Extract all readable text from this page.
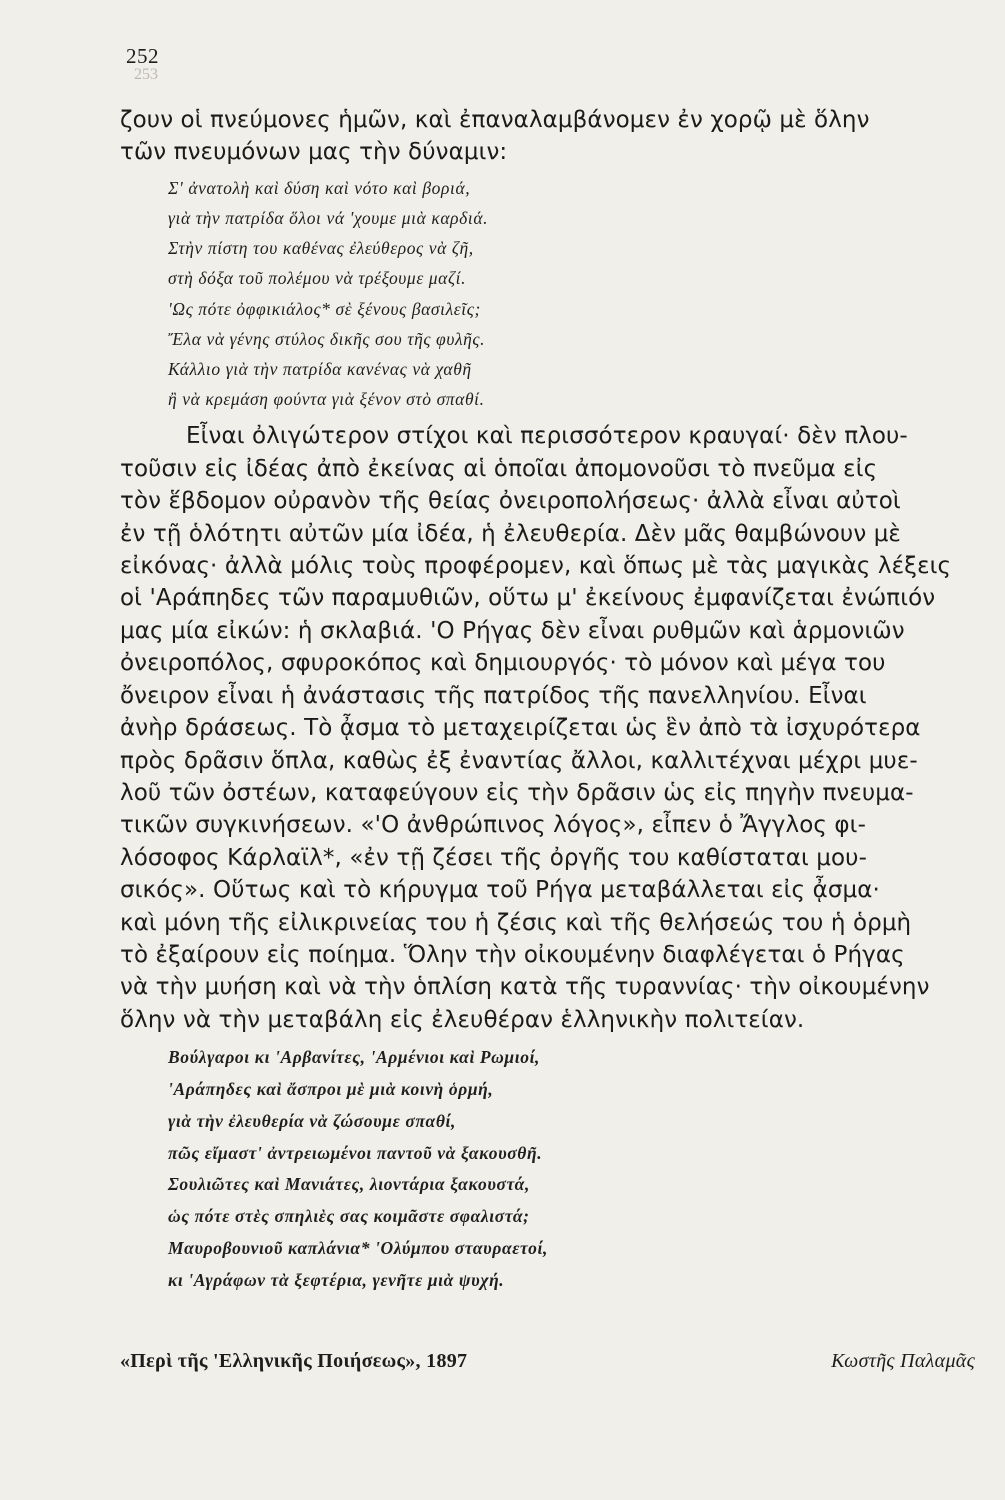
252
253
ζουν οἱ πνεύμονες ἡμῶν, καὶ ἐπαναλαμβάνομεν ἐν χορῷ μὲ ὅλην
τῶν πνευμόνων μας τὴν δύναμιν:
Σ' ἀνατολὴ καὶ δύση καὶ νότο καὶ βοριά,
γιὰ τὴν πατρίδα ὅλοι νά 'χουμε μιὰ καρδιά.
Στὴν πίστη του καθένας ἐλεύθερος νὰ ζῆ,
στὴ δόξα τοῦ πολέμου νὰ τρέξουμε μαζί.
'Ως πότε ὀφφικιάλος* σὲ ξένους βασιλεῖς;
Ἔλα νὰ γένης στύλος δικῆς σου τῆς φυλῆς.
Κάλλιο γιὰ τὴν πατρίδα κανένας νὰ χαθῆ
ἢ νὰ κρεμάση φούντα γιὰ ξένον στὸ σπαθί.
Εἶναι ὀλιγώτερον στίχοι καὶ περισσότερον κραυγαί· δὲν πλου-
τοῦσιν εἰς ἰδέας ἀπὸ ἐκείνας αἱ ὁποῖαι ἀπομονοῦσι τὸ πνεῦμα εἰς
τὸν ἕβδομον οὐρανὸν τῆς θείας ὀνειροπολήσεως· ἀλλὰ εἶναι αὐτοὶ
ἐν τῇ ὁλότητι αὐτῶν μία ἰδέα, ἡ ἐλευθερία. Δὲν μᾶς θαμβώνουν μὲ
εἰκόνας· ἀλλὰ μόλις τοὺς προφέρομεν, καὶ ὅπως μὲ τὰς μαγικὰς λέξεις
οἱ 'Αράπηδες τῶν παραμυθιῶν, οὕτω μ' ἐκείνους ἐμφανίζεται ἐνώπιόν
μας μία εἰκών: ἡ σκλαβιά. 'Ο Ρήγας δὲν εἶναι ρυθμῶν καὶ ἁρμονιῶν
ὀνειροπόλος, σφυροκόπος καὶ δημιουργός· τὸ μόνον καὶ μέγα του
ὄνειρον εἶναι ἡ ἀνάστασις τῆς πατρίδος τῆς πανελληνίου. Εἶναι
ἀνὴρ δράσεως. Τὸ ᾆσμα τὸ μεταχειρίζεται ὡς ἓν ἀπὸ τὰ ἰσχυρότερα
πρὸς δρᾶσιν ὅπλα, καθὼς ἐξ ἐναντίας ἄλλοι, καλλιτέχναι μέχρι μυε-
λοῦ τῶν ὀστέων, καταφεύγουν εἰς τὴν δρᾶσιν ὡς εἰς πηγὴν πνευμα-
τικῶν συγκινήσεων. «'Ο ἀνθρώπινος λόγος», εἶπεν ὁ Ἄγγλος φι-
λόσοφος Κάρλαϊλ*, «ἐν τῇ ζέσει τῆς ὀργῆς του καθίσταται μου-
σικός». Οὕτως καὶ τὸ κήρυγμα τοῦ Ρήγα μεταβάλλεται εἰς ᾆσμα·
καὶ μόνη τῆς εἰλικρινείας του ἡ ζέσις καὶ τῆς θελήσεώς του ἡ ὁρμὴ
τὸ ἐξαίρουν εἰς ποίημα. Ὅλην τὴν οἰκουμένην διαφλέγεται ὁ Ρήγας
νὰ τὴν μυήση καὶ νὰ τὴν ὁπλίση κατὰ τῆς τυραννίας· τὴν οἰκουμένην
ὅλην νὰ τὴν μεταβάλη εἰς ἐλευθέραν ἑλληνικὴν πολιτείαν.
Βούλγαροι κι 'Αρβανίτες, 'Αρμένιοι καὶ Ρωμιοί,
'Αράπηδες καὶ ἄσπροι μὲ μιὰ κοινὴ ὁρμή,
γιὰ τὴν ἐλευθερία νὰ ζώσουμε σπαθί,
πῶς εἴμαστ' ἀντρειωμένοι παντοῦ νὰ ξακουσθῆ.
Σουλιῶτες καὶ Μανιάτες, λιοντάρια ξακουστά,
ὡς πότε στὲς σπηλιὲς σας κοιμᾶστε σφαλιστά;
Μαυροβουνιοῦ καπλάνια* 'Ολύμπου σταυραετοί,
κι 'Αγράφων τὰ ξεφτέρια, γενῆτε μιὰ ψυχή.
«Περὶ τῆς 'Ελληνικῆς Ποιήσεως», 1897	Κωστῆς Παλαμᾶς
